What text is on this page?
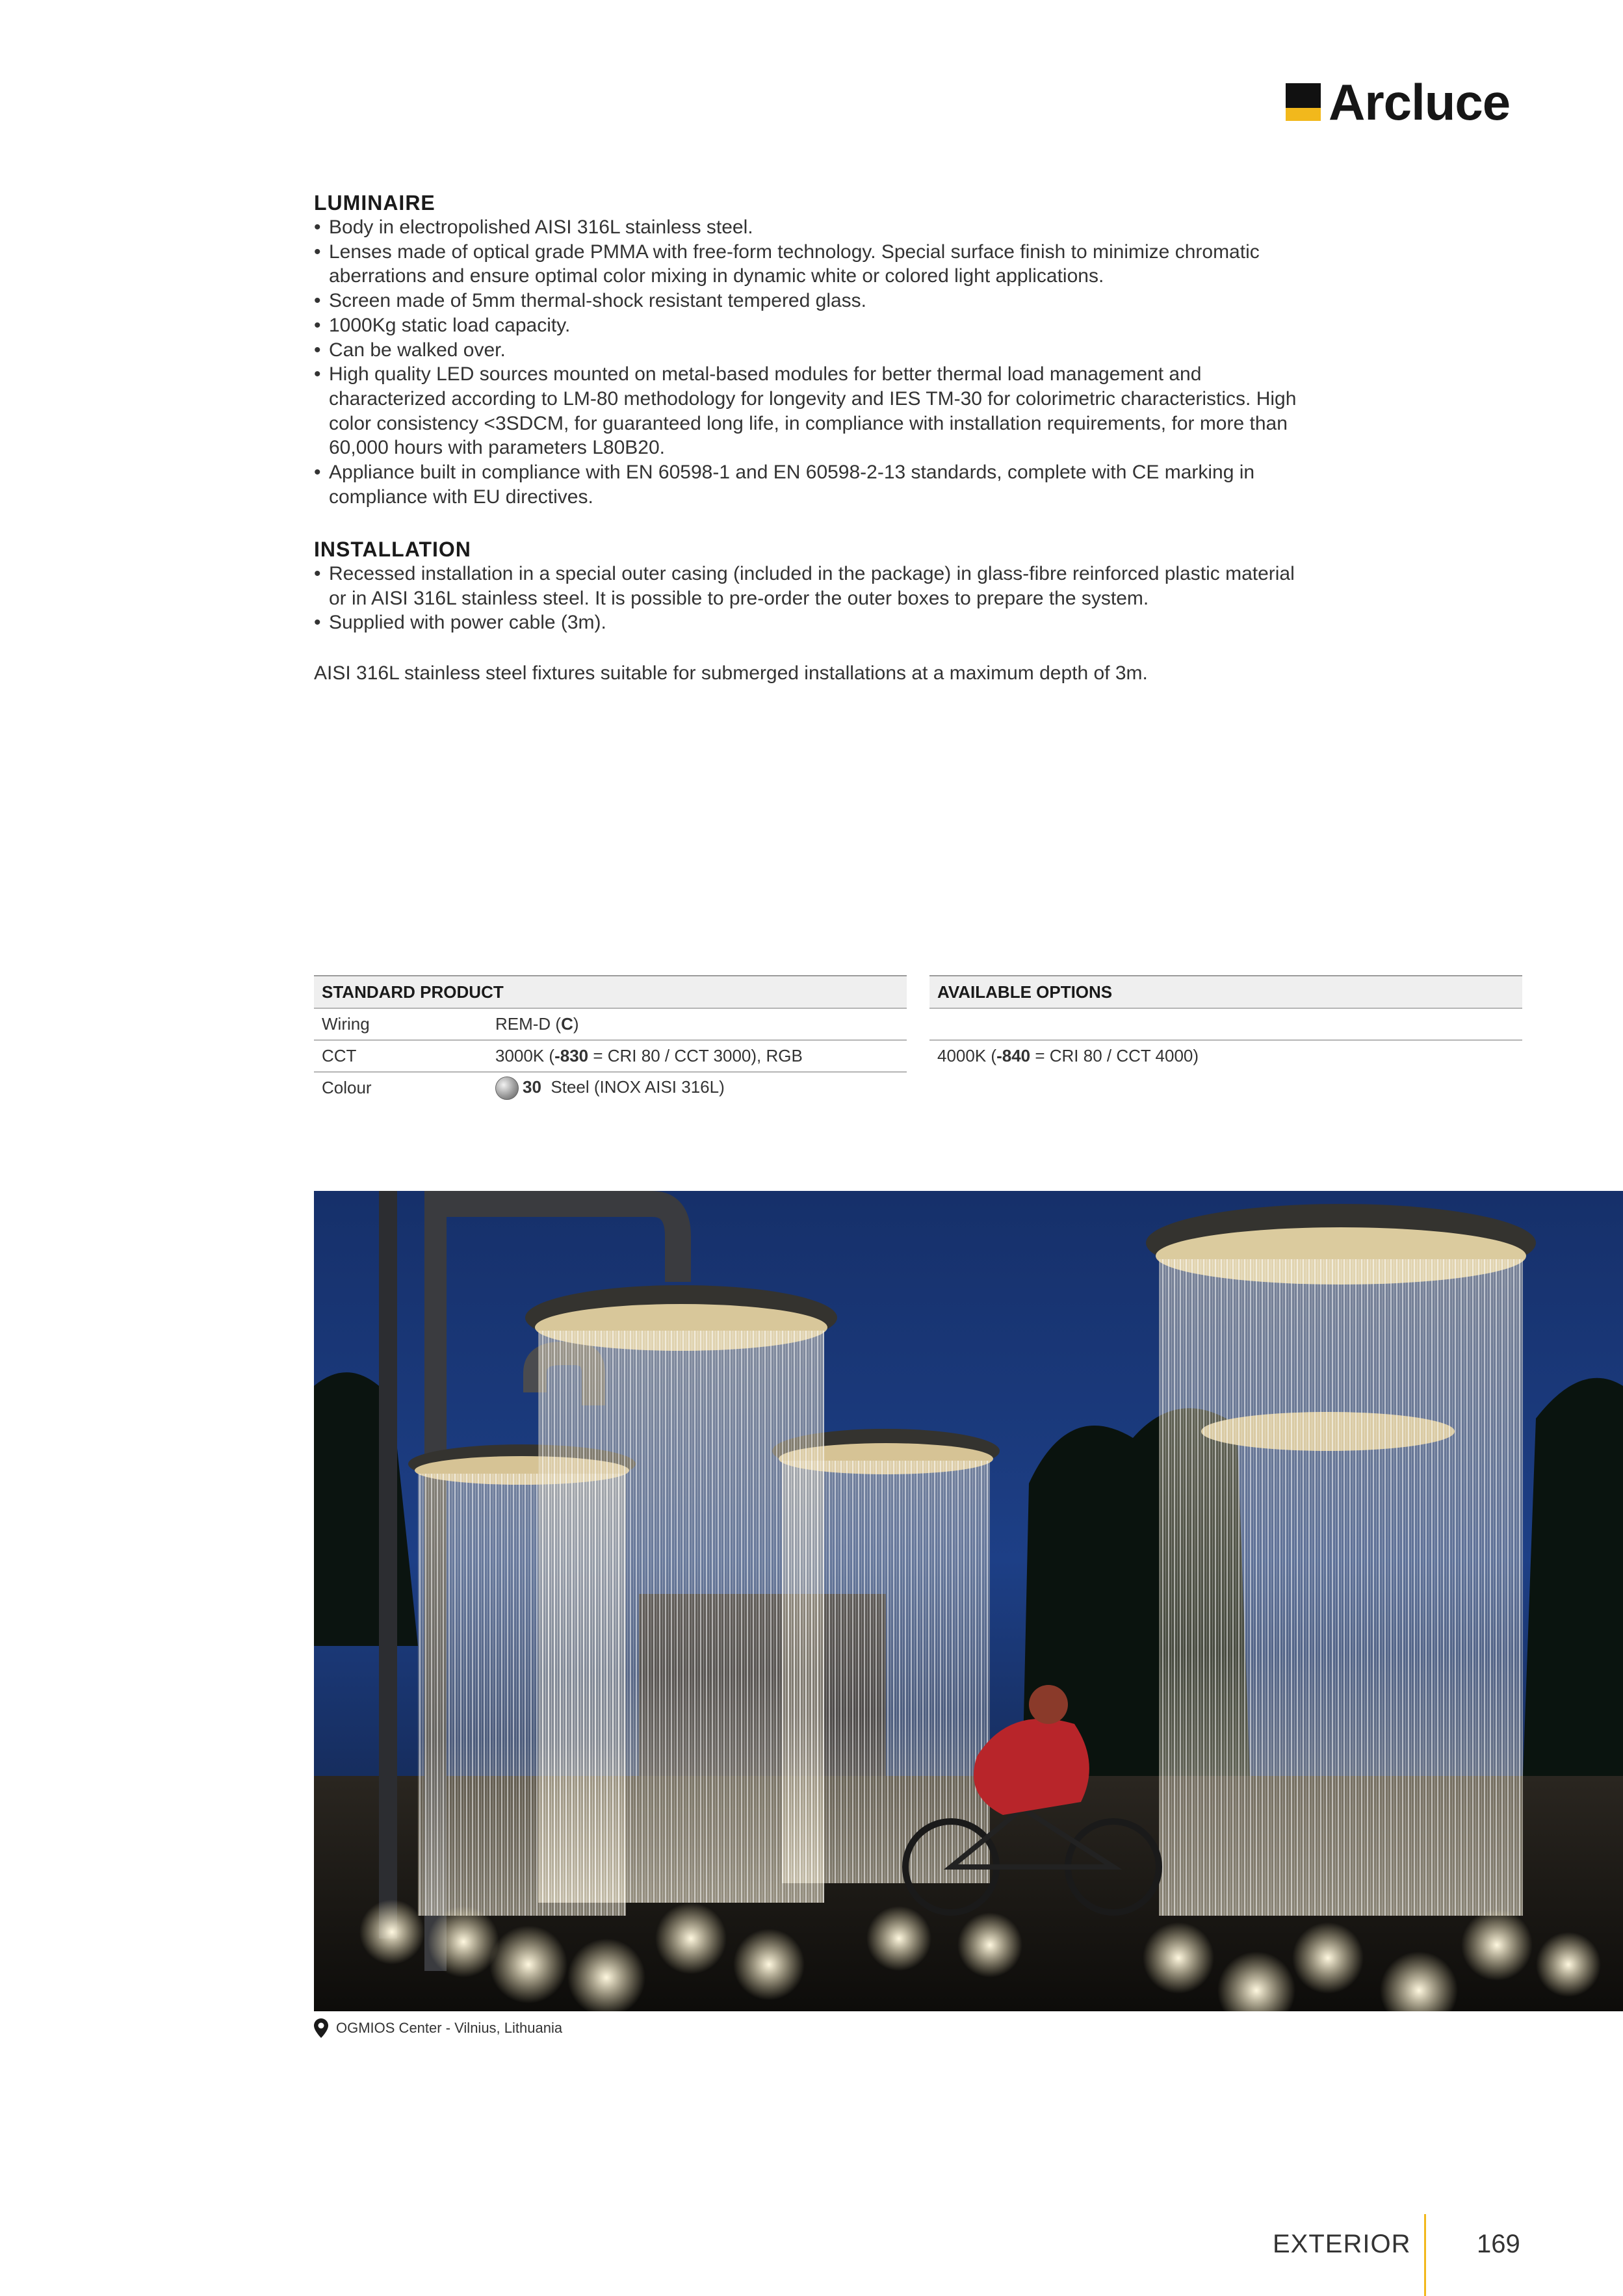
Arcluce
LUMINAIRE
• Body in electropolished AISI 316L stainless steel.
• Lenses made of optical grade PMMA with free-form technology. Special surface finish to minimize chromatic aberrations and ensure optimal color mixing in dynamic white or colored light applications.
• Screen made of 5mm thermal-shock resistant tempered glass.
• 1000Kg static load capacity.
• Can be walked over.
• High quality LED sources mounted on metal-based modules for better thermal load management and characterized according to LM-80 methodology for longevity and IES TM-30 for colorimetric characteristics. High color consistency <3SDCM, for guaranteed long life, in compliance with installation requirements, for more than 60,000 hours with parameters L80B20.
• Appliance built in compliance with EN 60598-1 and EN 60598-2-13 standards, complete with CE marking in compliance with EU directives.
INSTALLATION
• Recessed installation in a special outer casing (included in the package) in glass-fibre reinforced plastic material or in AISI 316L stainless steel. It is possible to pre-order the outer boxes to prepare the system.
• Supplied with power cable (3m).
AISI 316L stainless steel fixtures suitable for submerged installations at a maximum depth of 3m.
STANDARD PRODUCT	
Wiring	REM-D (C)
CCT	3000K (-830 = CRI 80 / CCT 3000), RGB
Colour	30 Steel (INOX AISI 316L)
AVAILABLE OPTIONS

4000K (-840 = CRI 80 / CCT 4000)
OGMIOS Center - Vilnius, Lithuania
EXTERIOR	169
